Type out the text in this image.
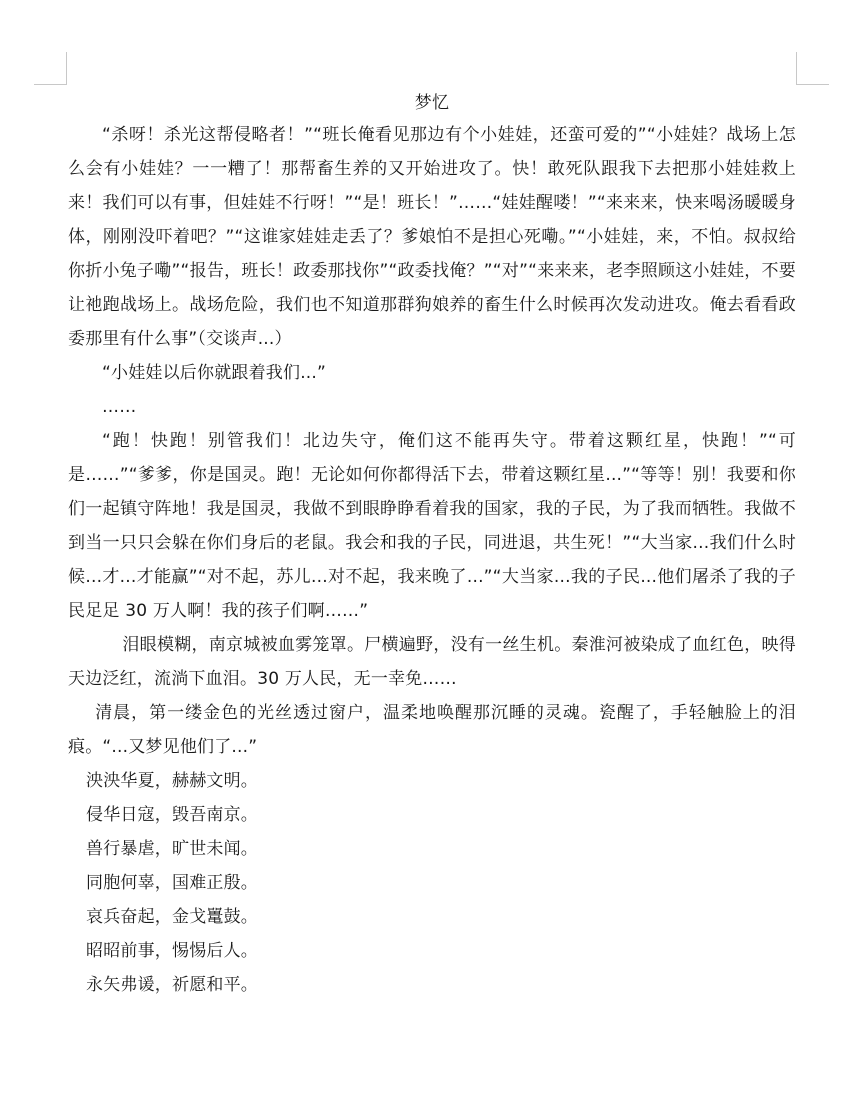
梦忆

“杀呀！杀光这帮侵略者！”“班长俺看见那边有个小娃娃，还蛮可爱的”“小娃娃？战场上怎么会有小娃娃？一一糟了！那帮畜生养的又开始进攻了。快！敢死队跟我下去把那小娃娃救上来！我们可以有事，但娃娃不行呀！”“是！班长！”……“娃娃醒喽！”“来来来，快来喝汤暖暖身体，刚刚没吓着吧？”“这谁家娃娃走丢了？爹娘怕不是担心死嘞。”“小娃娃，来，不怕。叔叔给你折小兔子嘞”“报告，班长！政委那找你”“政委找俺？”“对”“来来来，老李照顾这小娃娃，不要让祂跑战场上。战场危险，我们也不知道那群狗娘养的畜生什么时候再次发动进攻。俺去看看政委那里有什么事”（交谈声...）

“小娃娃以后你就跟着我们...”

……

“跑！快跑！别管我们！北边失守，俺们这不能再失守。带着这颗红星，快跑！”“可是……”“爹爹，你是国灵。跑！无论如何你都得活下去，带着这颗红星...”“等等！别！我要和你们一起镇守阵地！我是国灵，我做不到眼睁睁看着我的国家，我的子民，为了我而牺牲。我做不到当一只只会躲在你们身后的老鼠。我会和我的子民，同进退，共生死！”“大当家...我们什么时候...才...才能赢”“对不起，苏儿...对不起，我来晚了...”“大当家...我的子民...他们屠杀了我的子民足足 30 万人啊！我的孩子们啊……”

泪眼模糊，南京城被血雾笼罩。尸横遍野，没有一丝生机。秦淮河被染成了血红色，映得天边泛红，流淌下血泪。30 万人民，无一幸免……

清晨，第一缕金色的光丝透过窗户，温柔地唤醒那沉睡的灵魂。瓷醒了，手轻触脸上的泪痕。“...又梦见他们了...”

泱泱华夏，赫赫文明。

侵华日寇，毁吾南京。

兽行暴虐，旷世未闻。

同胞何辜，国难正殷。

哀兵奋起，金戈鼍鼓。

昭昭前事，惕惕后人。

永矢弗谖，祈愿和平。
